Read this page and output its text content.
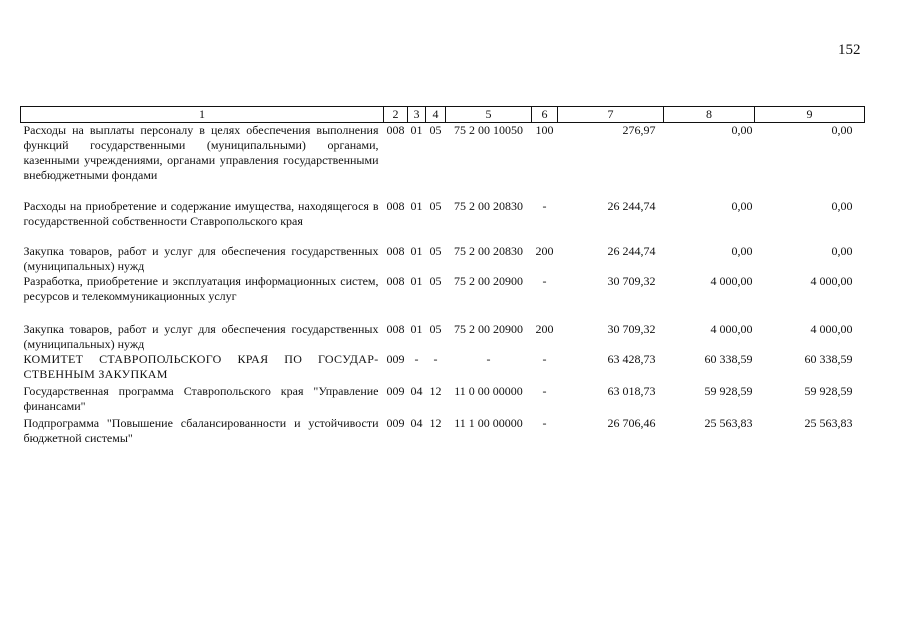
152
1	2	3	4	5	6	7	8	9
Расходы на выплаты персоналу в целях обеспечения выполнения функций государственными (муниципальными) органами, казенными учреждениями, органами управления государственными внебюджетными фондами	008	01	05	75 2 00 10050	100	276,97	0,00	0,00
Расходы на приобретение и содержание имущества, находящегося в государственной собственности Ставропольского края	008	01	05	75 2 00 20830	-	26 244,74	0,00	0,00
Закупка товаров, работ и услуг для обеспечения государственных (муниципальных) нужд	008	01	05	75 2 00 20830	200	26 244,74	0,00	0,00
Разработка, приобретение и эксплуатация информационных систем, ресурсов и телекоммуникационных услуг	008	01	05	75 2 00 20900	-	30 709,32	4 000,00	4 000,00
Закупка товаров, работ и услуг для обеспечения государственных (муниципальных) нужд	008	01	05	75 2 00 20900	200	30 709,32	4 000,00	4 000,00
КОМИТЕТ СТАВРОПОЛЬСКОГО КРАЯ ПО ГОСУДАР-СТВЕННЫМ ЗАКУПКАМ	009	-	-	-	-	63 428,73	60 338,59	60 338,59
Государственная программа Ставропольского края "Управление финансами"	009	04	12	11 0 00 00000	-	63 018,73	59 928,59	59 928,59
Подпрограмма "Повышение сбалансированности и устойчивости бюджетной системы"	009	04	12	11 1 00 00000	-	26 706,46	25 563,83	25 563,83
